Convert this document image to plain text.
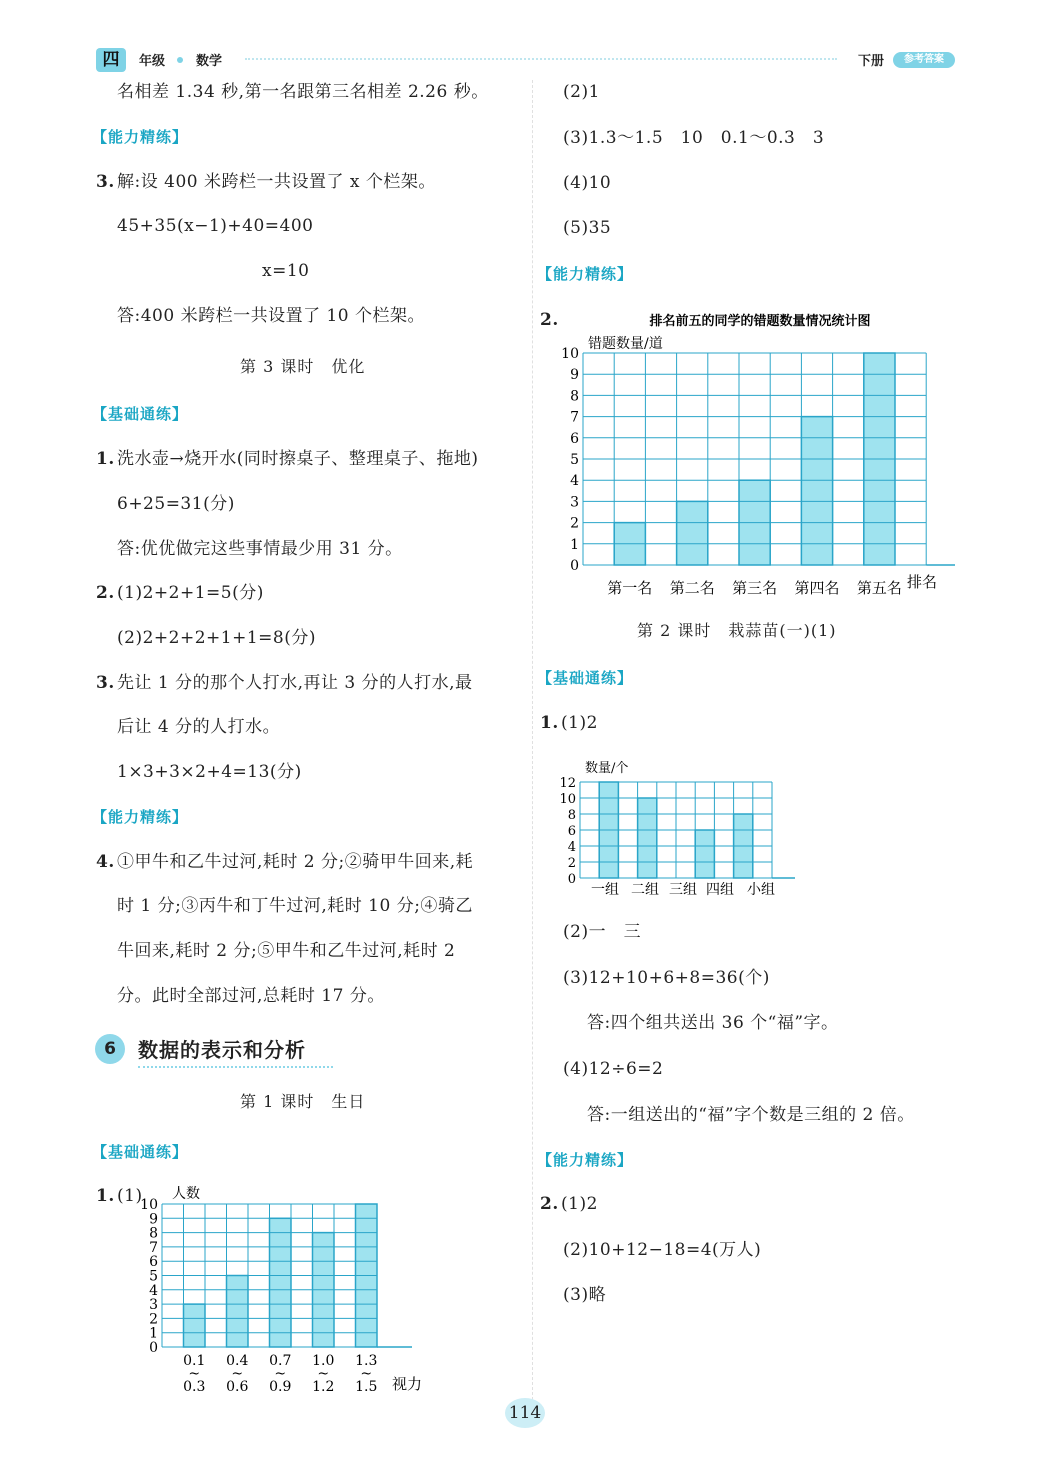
四	年级 数学	下册	参考答案
名相差 1.34 秒,第一名跟第三名相差 2.26 秒。
【能力精练】
3. 解:设 400 米跨栏一共设置了 x 个栏架。
45+35(x−1)+40=400
x=10
答:400 米跨栏一共设置了 10 个栏架。
第 3 课时　优化
【基础通练】
1. 洗水壶→烧开水(同时擦桌子、整理桌子、拖地)
6+25=31(分)
答:优优做完这些事情最少用 31 分。
2. (1)2+2+1=5(分)
(2)2+2+2+1+1=8(分)
3. 先让 1 分的那个人打水,再让 3 分的人打水,最
后让 4 分的人打水。
1×3+3×2+4=13(分)
【能力精练】
4. ①甲牛和乙牛过河,耗时 2 分;②骑甲牛回来,耗
时 1 分;③丙牛和丁牛过河,耗时 10 分;④骑乙
牛回来,耗时 2 分;⑤甲牛和乙牛过河,耗时 2
分。此时全部过河,总耗时 17 分。
6	数据的表示和分析
第 1 课时　生日
【基础通练】
1. (1)
0
1
2
3
4
5
6
7
8
9
10
人数
0.1
~
0.3
0.4
~
0.6
0.7
~
0.9
1.0
~
1.2
1.3
~
1.5 视力
(2)1
(3)1.3～1.5　10　0.1～0.3　3
(4)10
(5)35
【能力精练】
2.	排名前五的同学的错题数量情况统计图
0
1
2
3
4
5
6
7
8
9
10
错题数量/道
第一名 第二名 第三名 第四名 第五名 排名
第 2 课时　栽蒜苗(一)(1)
【基础通练】
1. (1)2
0
2
4
6
8
10
12
数量/个
一组 二组 三组 四组 小组
(2)一　三
(3)12+10+6+8=36(个)
答:四个组共送出 36 个“福”字。
(4)12÷6=2
答:一组送出的“福”字个数是三组的 2 倍。
【能力精练】
2. (1)2
(2)10+12−18=4(万人)
(3)略
114
